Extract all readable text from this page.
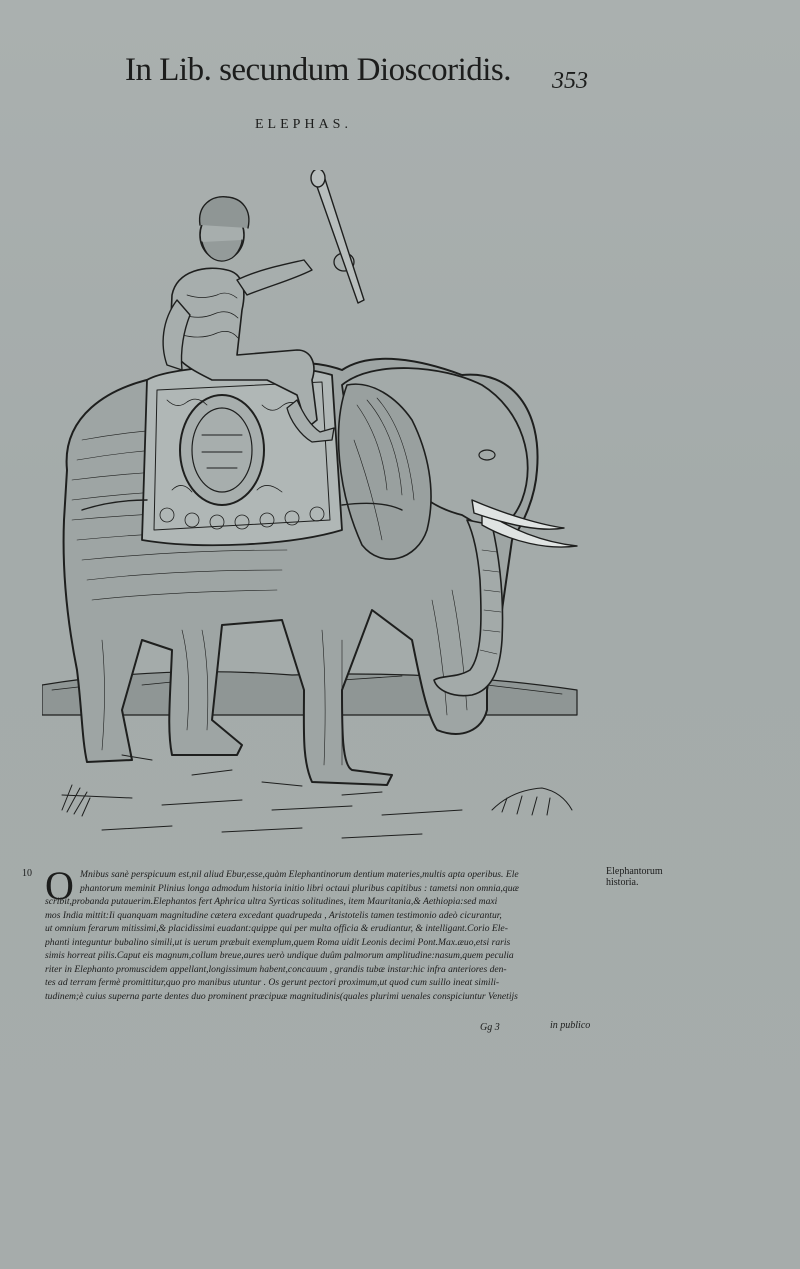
In Lib. secundum Dioscoridis. 353
ELEPHAS.
10 O Mnibus sanè perspicuum est,nil aliud Ebur,esse,quàm Elephantinorum dentium materies,multis apta operibus. Ele
phantorum meminit Plinius longa admodum historia initio libri octaui pluribus capitibus : tametsi non omnia,quæ
scribit,probanda putauerim.Elephantos fert Aphrica ultra Syrticas solitudines, item Mauritania,& Aethiopia:sed maxi
mos India mittit:Ii quanquam magnitudine cætera excedant quadrupeda , Aristotelis tamen testimonio adeò cicurantur,
ut omnium ferarum mitissimi,& placidissimi euadant:quippe qui per multa officia & erudiantur, & intelligant.Corio Ele-
phanti integuntur bubalino simili,ut is uerum præbuit exemplum,quem Roma uidit Leonis decimi Pont.Max.æuo,etsi raris
simis horreat pilis.Caput eis magnum,collum breue,aures uerò undique duûm palmorum amplitudine:nasum,quem peculia
riter in Elephanto promuscidem appellant,longissimum habent,concauum , grandis tubæ instar:hic infra anteriores den-
tes ad terram fermè promittitur,quo pro manibus utuntur . Os gerunt pectori proximum,ut quod cum suillo ineat simili-
tudinem;è cuius superna parte dentes duo prominent præcipuæ magnitudinis(quales plurimi uenales conspiciuntur Venetijs
Elephantorum
historia.
Gg 3	in publico
